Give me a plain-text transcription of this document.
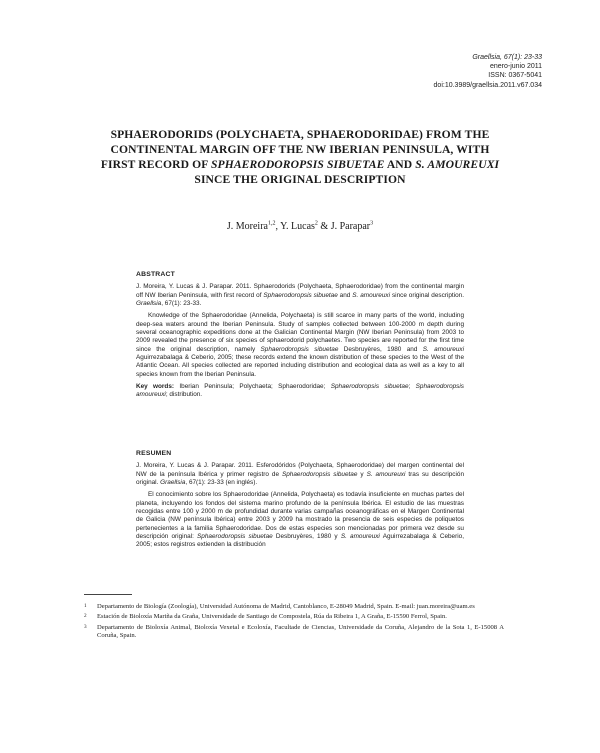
Graellsia, 67(1): 23-33
enero-junio 2011
ISSN: 0367-5041
doi:10.3989/graellsia.2011.v67.034
SPHAERODORIDS (POLYCHAETA, SPHAERODORIDAE) FROM THE CONTINENTAL MARGIN OFF THE NW IBERIAN PENINSULA, WITH FIRST RECORD OF SPHAERODOROPSIS SIBUETAE AND S. AMOUREUXI SINCE THE ORIGINAL DESCRIPTION
J. Moreira$^{1,2}$, Y. Lucas$^2$ & J. Parapar$^3$
ABSTRACT
J. Moreira, Y. Lucas & J. Parapar. 2011. Sphaerodorids (Polychaeta, Sphaerodoridae) from the continental margin off NW Iberian Peninsula, with first record of Sphaerodoropsis sibuetae and S. amoureuxi since original description. Graellsia, 67(1): 23-33.
Knowledge of the Sphaerodoridae (Annelida, Polychaeta) is still scarce in many parts of the world, including deep-sea waters around the Iberian Peninsula. Study of samples collected between 100-2000 m depth during several oceanographic expeditions done at the Galician Continental Margin (NW Iberian Peninsula) from 2003 to 2009 revealed the presence of six species of sphaerodorid polychaetes. Two species are reported for the first time since the original description, namely Sphaerodoropsis sibuetae Desbruyères, 1980 and S. amoureuxi Aguirrezabalaga & Ceberio, 2005; these records extend the known distribution of these species to the West of the Atlantic Ocean. All species collected are reported including distribution and ecological data as well as a key to all species known from the Iberian Peninsula.
Key words: Iberian Peninsula; Polychaeta; Sphaerodoridae; Sphaerodoropsis sibuetae; Sphaerodoropsis amoureuxi; distribution.
RESUMEN
J. Moreira, Y. Lucas & J. Parapar. 2011. Esferodóridos (Polychaeta, Sphaerodoridae) del margen continental del NW de la península Ibérica y primer registro de Sphaerodoropsis sibuetae y S. amoureuxi tras su descripción original. Graellsia, 67(1): 23-33 (en inglés).
El conocimiento sobre los Sphaerodoridae (Annelida, Polychaeta) es todavía insuficiente en muchas partes del planeta, incluyendo los fondos del sistema marino profundo de la península Ibérica. El estudio de las muestras recogidas entre 100 y 2000 m de profundidad durante varias campañas oceanográficas en el Margen Continental de Galicia (NW península Ibérica) entre 2003 y 2009 ha mostrado la presencia de seis especies de poliquetos pertenecientes a la familia Sphaerodoridae. Dos de estas especies son mencionadas por primera vez desde su descripción original: Sphaerodoropsis sibuetae Desbruyères, 1980 y S. amoureuxi Aguirrezabalaga & Ceberio, 2005; estos registros extienden la distribución
1 Departamento de Biología (Zoología), Universidad Autónoma de Madrid, Cantoblanco, E-28049 Madrid, Spain. E-mail: juan.moreira@uam.es
2 Estación de Bioloxía Mariña da Graña, Universidade de Santiago de Compostela, Rúa da Ribeira 1, A Graña, E-15590 Ferrol, Spain.
3 Departamento de Bioloxía Animal, Bioloxía Vexetal e Ecoloxía, Facultade de Ciencias, Universidade da Coruña, Alejandro de la Sota 1, E-15008 A Coruña, Spain.
